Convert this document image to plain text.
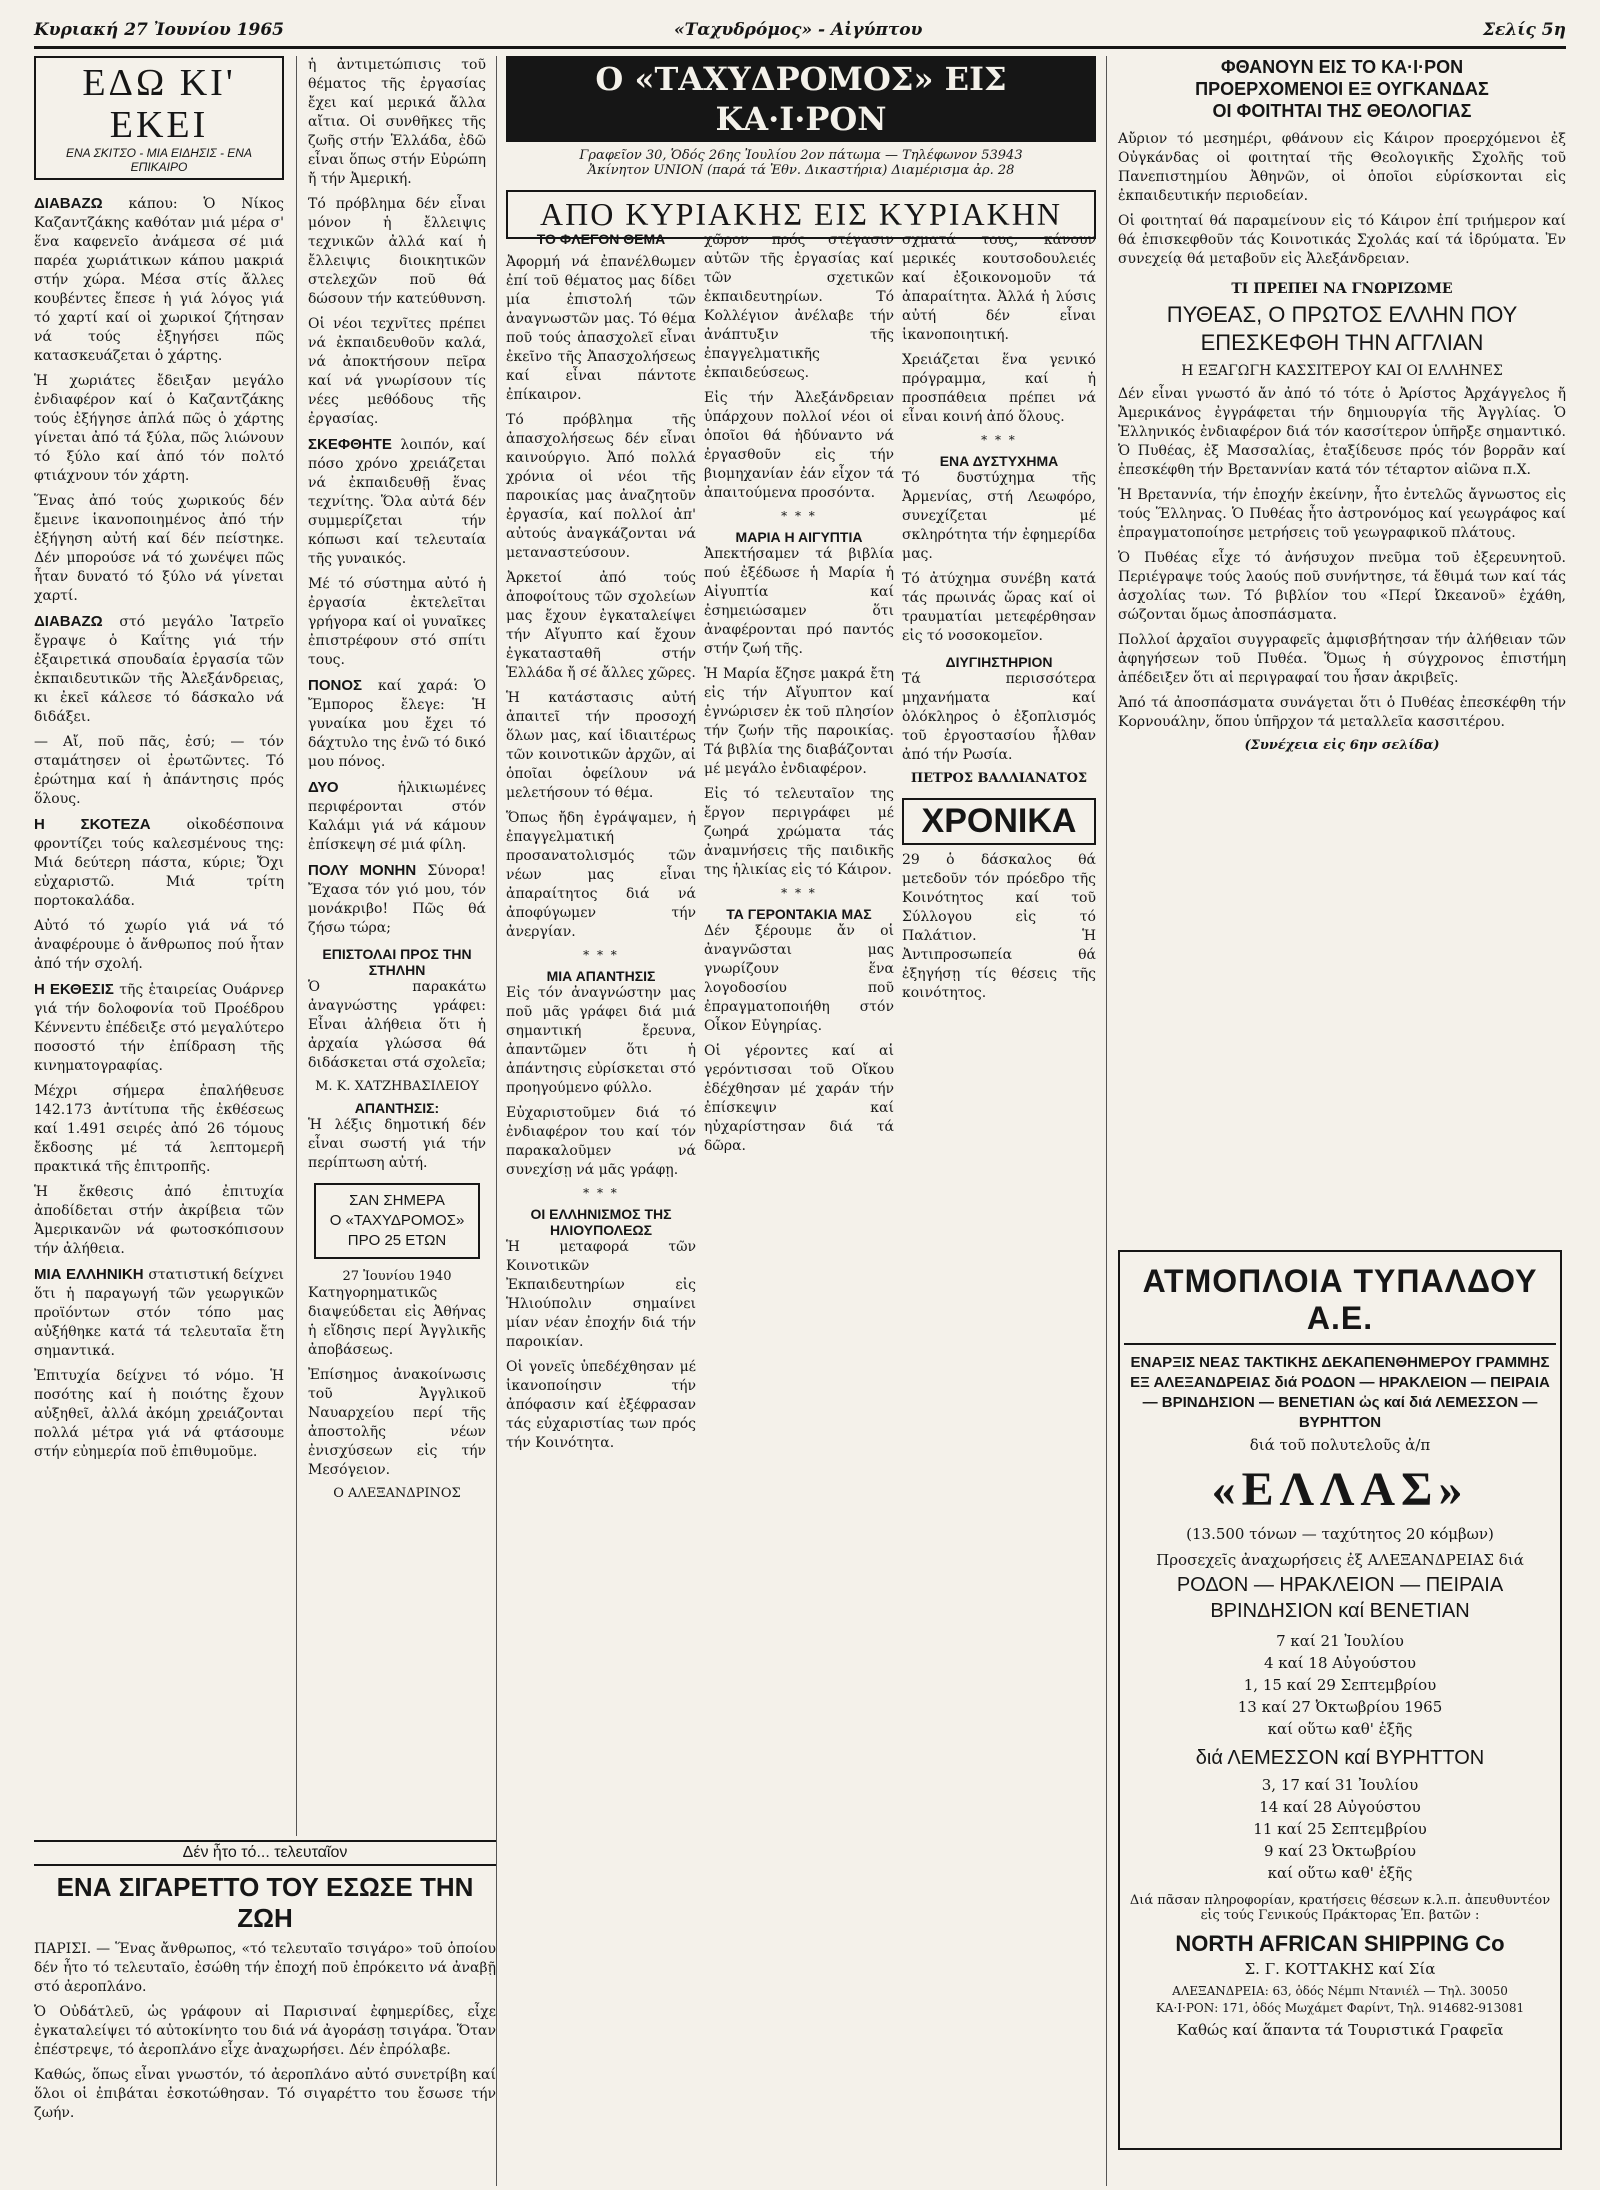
Κυριακή 27 Ἰουνίου 1965	«Ταχυδρόμος» - Αἰγύπτου	Σελίς 5η
ΕΔΩ ΚΙ' ΕΚΕΙ
ΕΝΑ ΣΚΙΤΣΟ - ΜΙΑ ΕΙΔΗΣΙΣ - ΕΝΑ ΕΠΙΚΑΙΡΟ

ΔΙΑΒΑΖΩ κάπου: Ὁ Νίκος Καζαντζάκης καθόταν μιά μέρα σ' ἕνα καφενεῖο ἀνάμεσα σέ μιά παρέα χωριάτικων κάπου μακριά στήν χώρα. Μέσα στίς ἄλλες κουβέντες ἔπεσε ἡ γιά λόγος γιά τό χαρτί καί οἱ χωρικοί ζήτησαν νά τούς ἐξηγήσει πῶς κατασκευάζεται ὁ χάρτης.

Ἡ χωριάτες ἔδειξαν μεγάλο ἐνδιαφέρον καί ὁ Καζαντζάκης τούς ἐξήγησε ἁπλά πῶς ὁ χάρτης γίνεται ἀπό τά ξύλα, πῶς λιώνουν τό ξύλο καί ἀπό τόν πολτό φτιάχνουν τόν χάρτη.

Ἕνας ἀπό τούς χωρικούς δέν ἔμεινε ἱκανοποιημένος ἀπό τήν ἐξήγηση αὐτή καί δέν πείστηκε. Δέν μπορούσε νά τό χωνέψει πῶς ἦταν δυνατό τό ξύλο νά γίνεται χαρτί.

ΔΙΑΒΑΖΩ στό μεγάλο Ἰατρεῖο ἔγραψε ὁ Καΐτης γιά τήν ἐξαιρετικά σπουδαία ἐργασία τῶν ἐκπαιδευτικῶν τῆς Ἀλεξάνδρειας, κι ἐκεῖ κάλεσε τό δάσκαλο νά διδάξει.

— Αἴ, ποῦ πᾶς, ἐσύ; — τόν σταμάτησεν οἱ ἐρωτῶντες. Τό ἐρώτημα καί ἡ ἀπάντησις πρός ὅλους.

Η ΣΚΟΤΕΖΑ	οἰκοδέσποινα φροντίζει τούς καλεσμένους της: Μιά δεύτερη πάστα, κύριε; Ὄχι εὐχαριστῶ. Μιά τρίτη πορτοκαλάδα.

Αὐτό τό χωρίο γιά νά τό ἀναφέρουμε ὁ ἄνθρωπος πού ἦταν ἀπό τήν σχολή.

Η ΕΚΘΕΣΙΣ τῆς ἑταιρείας Ουάρνερ γιά τήν δολοφονία τοῦ Προέδρου Κέννεντυ ἐπέδειξε στό μεγαλύτερο ποσοστό τήν ἐπίδραση τῆς κινηματογραφίας.

Μέχρι σήμερα ἐπαλήθευσε 142.173 ἀντίτυπα τῆς ἐκθέσεως καί 1.491 σειρές ἀπό 26 τόμους ἔκδοσης μέ τά λεπτομερῆ πρακτικά τῆς ἐπιτροπῆς.

Ἡ ἔκθεσις ἀπό ἐπιτυχία ἀποδίδεται στήν ἀκρίβεια τῶν Ἀμερικανῶν νά φωτοσκόπισουν τήν ἀλήθεια.

ΜΙΑ ΕΛΛΗΝΙΚΗ στατιστική δείχνει ὅτι ἡ παραγωγή τῶν γεωργικῶν προϊόντων στόν τόπο μας αὐξήθηκε κατά τά τελευταῖα ἔτη σημαντικά.

Ἐπιτυχία δείχνει τό νόμο. Ἡ ποσότης καί ἡ ποιότης ἔχουν αὐξηθεῖ, ἀλλά ἀκόμη χρειάζονται πολλά μέτρα γιά νά φτάσουμε στήν εὐημερία ποῦ ἐπιθυμοῦμε.

ἡ ἀντιμετώπισις τοῦ θέματος τῆς ἐργασίας ἔχει καί μερικά ἄλλα αἴτια. Οἱ συνθῆκες τῆς ζωῆς στήν Ἑλλάδα, ἐδῶ εἶναι ὅπως στήν Εὐρώπη ἤ τήν Ἀμερική.

Τό πρόβλημα δέν εἶναι μόνον ἡ ἔλλειψις τεχνικῶν ἀλλά καί ἡ ἔλλειψις διοικητικῶν στελεχῶν ποῦ θά δώσουν τήν κατεύθυνση.

Οἱ νέοι τεχνῖτες πρέπει νά ἐκπαιδευθοῦν καλά, νά ἀποκτήσουν πεῖρα καί νά γνωρίσουν τίς νέες μεθόδους τῆς ἐργασίας.

ΣΚΕΦΘΗΤΕ λοιπόν, καί πόσο χρόνο χρειάζεται νά ἐκπαιδευθῇ ἕνας τεχνίτης. Ὅλα αὐτά δέν συμμερίζεται τήν κόπωσι καί τελευταία τῆς γυναικός.

Μέ τό σύστημα αὐτό ἡ ἐργασία ἐκτελεῖται γρήγορα καί οἱ γυναῖκες ἐπιστρέφουν στό σπίτι τους.

ΠΟΝΟΣ καί χαρά: Ὁ Ἔμπορος ἔλεγε: Ἡ γυναίκα μου ἔχει τό δάχτυλο της ἐνῶ τό δικό μου πόνος.

ΔΥΟ	ἡλικιωμένες περιφέρονται στόν Καλάμι γιά νά κάμουν ἐπίσκεψη σέ μιά φίλη.

ΠΟΛΥ ΜΟΝΗΝ Σύνορα! Ἔχασα τόν γιό μου, τόν μονάκριβο! Πῶς θά ζήσω τώρα;

ΕΠΙΣΤΟΛΑΙ ΠΡΟΣ ΤΗΝ ΣΤΗΛΗΝ

Ὁ παρακάτω ἀναγνώστης γράφει: Εἶναι ἀλήθεια ὅτι ἡ ἀρχαία γλώσσα θά διδάσκεται στά σχολεῖα;

Μ. Κ. ΧΑΤΖΗΒΑΣΙΛΕΙΟΥ
ΑΠΑΝΤΗΣΙΣ:

Ἡ λέξις δημοτική δέν εἶναι σωστή γιά τήν περίπτωση αὐτή.

ΣΑΝ ΣΗΜΕΡΑ
Ο «ΤΑΧΥΔΡΟΜΟΣ»
ΠΡΟ 25 ΕΤΩΝ
27 Ἰουνίου 1940

Κατηγορηματικῶς διαψεύδεται εἰς Ἀθήνας ἡ εἴδησις περί Ἀγγλικῆς ἀποβάσεως.

Ἐπίσημος ἀνακοίνωσις τοῦ Ἀγγλικοῦ Ναυαρχείου περί τῆς ἀποστολῆς νέων ἐνισχύσεων εἰς τήν Μεσόγειον.

Ο ΑΛΕΞΑΝΔΡΙΝΟΣ
Ο «ΤΑΧΥΔΡΟΜΟΣ» ΕΙΣ ΚΑ·Ι·ΡΟΝ
Γραφεῖον 30, Ὁδός 26ης Ἰουλίου 2ον πάτωμα — Τηλέφωνον 53943
Ἀκίνητον UNION (παρά τά Ἐθν. Δικαστήρια) Διαμέρισμα ἀρ. 28
ΑΠΟ ΚΥΡΙΑΚΗΣ ΕΙΣ ΚΥΡΙΑΚΗΝ
ΤΟ ΦΛΕΓΟΝ ΘΕΜΑ

Ἀφορμή νά ἐπανέλθωμεν ἐπί τοῦ θέματος μας δίδει μία ἐπιστολή τῶν ἀναγνωστῶν μας. Τό θέμα ποῦ τούς ἀπασχολεῖ εἶναι ἐκεῖνο τῆς Ἀπασχολήσεως καί εἶναι πάντοτε ἐπίκαιρον.

Τό πρόβλημα τῆς ἀπασχολήσεως δέν εἶναι καινούργιο. Ἀπό πολλά χρόνια οἱ νέοι τῆς παροικίας μας ἀναζητοῦν ἐργασία, καί πολλοί ἀπ' αὐτούς ἀναγκάζονται νά μεταναστεύσουν.

Ἀρκετοί ἀπό τούς ἀποφοίτους τῶν σχολείων μας ἔχουν ἐγκαταλείψει τήν Αἴγυπτο καί ἔχουν ἐγκατασταθῆ στήν Ἑλλάδα ἤ σέ ἄλλες χῶρες.

Ἡ κατάστασις αὐτή ἀπαιτεῖ τήν προσοχή ὅλων μας, καί ἰδιαιτέρως τῶν κοινοτικῶν ἀρχῶν, αἱ ὁποῖαι ὀφείλουν νά μελετήσουν τό θέμα.

Ὅπως ἤδη ἐγράψαμεν, ἡ ἐπαγγελματική προσανατολισμός τῶν νέων μας εἶναι ἀπαραίτητος διά νά ἀποφύγωμεν τήν ἀνεργίαν.

* * *
ΜΙΑ ΑΠΑΝΤΗΣΙΣ

Εἰς τόν ἀναγνώστην μας ποῦ μᾶς γράφει διά μιά σημαντική ἔρευνα, ἀπαντῶμεν ὅτι ἡ ἀπάντησις εὐρίσκεται στό προηγούμενο φύλλο.

Εὐχαριστοῦμεν διά τό ἐνδιαφέρον του καί τόν παρακαλοῦμεν νά συνεχίσῃ νά μᾶς γράφῃ.

* * *
ΟΙ ΕΛΛΗΝΙΣΜΟΣ ΤΗΣ ΗΛΙΟΥΠΟΛΕΩΣ

Ἡ μεταφορά τῶν Κοινοτικῶν Ἐκπαιδευτηρίων εἰς Ἡλιούπολιν σημαίνει μίαν νέαν ἐποχήν διά τήν παροικίαν.

Οἱ γονεῖς ὑπεδέχθησαν μέ ἱκανοποίησιν τήν ἀπόφασιν καί ἐξέφρασαν τάς εὐχαριστίας των πρός τήν Κοινότητα.

χῶρον πρός στέγασιν αὐτῶν τῆς ἐργασίας καί τῶν σχετικῶν ἐκπαιδευτηρίων. Τό Κολλέγιον ἀνέλαβε τήν ἀνάπτυξιν τῆς ἐπαγγελματικῆς ἐκπαιδεύσεως.

Εἰς τήν Ἀλεξάνδρειαν ὑπάρχουν πολλοί νέοι οἱ ὁποῖοι θά ἠδύναντο νά ἐργασθοῦν εἰς τήν βιομηχανίαν ἐάν εἶχον τά ἀπαιτούμενα προσόντα.

* * *
ΜΑΡΙΑ Η ΑΙΓΥΠΤΙΑ

Ἀπεκτήσαμεν τά βιβλία πού ἐξέδωσε ἡ Μαρία ἡ Αἰγυπτία καί ἐσημειώσαμεν ὅτι ἀναφέρονται πρό παντός στήν ζωή τῆς.

Ἡ Μαρία ἔζησε μακρά ἔτη εἰς τήν Αἴγυπτον καί ἐγνώρισεν ἐκ τοῦ πλησίον τήν ζωήν τῆς παροικίας. Τά βιβλία της διαβάζονται μέ μεγάλο ἐνδιαφέρον.

Εἰς τό τελευταῖον της ἔργον περιγράφει μέ ζωηρά χρώματα τάς ἀναμνήσεις τῆς παιδικῆς της ἡλικίας εἰς τό Κάιρον.

* * *
ΤΑ ΓΕΡΟΝΤΑΚΙΑ ΜΑΣ

Δέν ξέρουμε ἄν οἱ ἀναγνῶσται μας γνωρίζουν ἕνα λογοδοσίου ποῦ ἐπραγματοποιήθη στόν Οἶκον Εὐγηρίας.

Οἱ γέροντες καί αἱ γερόντισσαι τοῦ Οἴκου ἐδέχθησαν μέ χαράν τήν ἐπίσκεψιν καί ηὐχαρίστησαν διά τά δῶρα.

σχματά τους, κάνουν μερικές κουτσοδουλειές καί ἐξοικονομοῦν τά ἀπαραίτητα. Ἀλλά ἡ λύσις αὐτή δέν εἶναι ἱκανοποιητική.

Χρειάζεται ἕνα γενικό πρόγραμμα, καί ἡ προσπάθεια πρέπει νά εἶναι κοινή ἀπό ὅλους.

* * *
ΕΝΑ ΔΥΣΤΥΧΗΜΑ

Τό δυστύχημα τῆς Ἀρμενίας, στή Λεωφόρο, συνεχίζεται μέ σκληρότητα τήν ἐφημερίδα μας.

Τό ἀτύχημα συνέβη κατά τάς πρωινάς ὥρας καί οἱ τραυματίαι μετεφέρθησαν εἰς τό νοσοκομεῖον.

ΔΙΥΓΙΗΣΤΗΡΙΟΝ

Τά περισσότερα μηχανήματα καί ὁλόκληρος ὁ ἐξοπλισμός τοῦ ἐργοστασίου ἦλθαν ἀπό τήν Ρωσία.

ΠΕΤΡΟΣ ΒΑΛΛΙΑΝΑΤΟΣ
ΧΡΟΝΙΚΑ

29 ὁ δάσκαλος θά μετεδοῦν τόν πρόεδρο τῆς Κοινότητος καί τοῦ Σύλλογου εἰς τό Παλάτιον. Ἡ Ἀντιπροσωπεία θά ἐξηγήσῃ τίς θέσεις τῆς κοινότητος.

ΦΘΑΝΟΥΝ ΕΙΣ ΤΟ ΚΑ·Ι·ΡΟΝ
ΠΡΟΕΡΧΟΜΕΝΟΙ ΕΞ ΟΥΓΚΑΝΔΑΣ
ΟΙ ΦΟΙΤΗΤΑΙ ΤΗΣ ΘΕΟΛΟΓΙΑΣ

Αὔριον τό μεσημέρι, φθάνουν εἰς Κάιρον προερχόμενοι ἐξ Οὐγκάνδας οἱ φοιτηταί τῆς Θεολογικῆς Σχολῆς τοῦ Πανεπιστημίου Ἀθηνῶν, οἱ ὁποῖοι εὑρίσκονται εἰς ἐκπαιδευτικήν περιοδείαν.

Οἱ φοιτηταί θά παραμείνουν εἰς τό Κάιρον ἐπί τριήμερον καί θά ἐπισκεφθοῦν τάς Κοινοτικάς Σχολάς καί τά ἱδρύματα. Ἐν συνεχείᾳ θά μεταβοῦν εἰς Ἀλεξάνδρειαν.

ΤΙ ΠΡΕΠΕΙ ΝΑ ΓΝΩΡΙΖΩΜΕ
ΠΥΘΕΑΣ, Ο ΠΡΩΤΟΣ ΕΛΛΗΝ ΠΟΥ ΕΠΕΣΚΕΦΘΗ ΤΗΝ ΑΓΓΛΙΑΝ
Η ΕΞΑΓΩΓΗ ΚΑΣΣΙΤΕΡΟΥ ΚΑΙ ΟΙ ΕΛΛΗΝΕΣ

Δέν εἶναι γνωστό ἄν ἀπό τό τότε ὁ Ἀρίστος Ἀρχάγγελος ἤ Ἀμερικάνος ἐγγράφεται τήν δημιουργία τῆς Ἀγγλίας. Ὁ Ἐλληνικός ἐνδιαφέρον διά τόν κασσίτερον ὑπῆρξε σημαντικό. Ὁ Πυθέας, ἐξ Μασσαλίας, ἐταξίδευσε πρός τόν βορρᾶν καί ἐπεσκέφθη τήν Βρεταννίαν κατά τόν τέταρτον αἰῶνα π.Χ.

Ἡ Βρεταννία, τήν ἐποχήν ἐκείνην, ἦτο ἐντελῶς ἄγνωστος εἰς τούς Ἕλληνας. Ὁ Πυθέας ἦτο ἀστρονόμος καί γεωγράφος καί ἐπραγματοποίησε μετρήσεις τοῦ γεωγραφικοῦ πλάτους.

Ὁ Πυθέας εἶχε τό ἀνήσυχον πνεῦμα τοῦ ἐξερευνητοῦ. Περιέγραψε τούς λαούς ποῦ συνήντησε, τά ἔθιμά των καί τάς ἀσχολίας των. Τό βιβλίον του «Περί Ὠκεανοῦ» ἐχάθη, σώζονται ὅμως ἀποσπάσματα.

Πολλοί ἀρχαῖοι συγγραφεῖς ἀμφισβήτησαν τήν ἀλήθειαν τῶν ἀφηγήσεων τοῦ Πυθέα. Ὅμως ἡ σύγχρονος ἐπιστήμη ἀπέδειξεν ὅτι αἱ περιγραφαί του ἦσαν ἀκριβεῖς.

Ἀπό τά ἀποσπάσματα συνάγεται ὅτι ὁ Πυθέας ἐπεσκέφθη τήν Κορνουάλην, ὅπου ὑπῆρχον τά μεταλλεῖα κασσιτέρου.

(Συνέχεια εἰς 6ην σελίδα)
Δέν ἦτο τό... τελευταῖον
ΕΝΑ ΣΙΓΑΡΕΤΤΟ ΤΟΥ ΕΣΩΣΕ ΤΗΝ ΖΩΗ

ΠΑΡΙΣΙ. — Ἕνας ἄνθρωπος, «τό τελευταῖο τσιγάρο» τοῦ ὁποίου δέν ἦτο τό τελευταῖο, ἐσώθη τήν ἐποχή ποῦ ἐπρόκειτο νά ἀναβῇ στό ἀεροπλάνο.

Ὁ Οὐδάτλεῦ, ὡς γράφουν αἱ Παρισιναί ἐφημερίδες, εἶχε ἐγκαταλείψει τό αὐτοκίνητο του διά νά ἀγοράσῃ τσιγάρα. Ὅταν ἐπέστρεψε, τό ἀεροπλάνο εἶχε ἀναχωρήσει. Δέν ἐπρόλαβε.

Καθώς, ὅπως εἶναι γνωστόν, τό ἀεροπλάνο αὐτό συνετρίβη καί ὅλοι οἱ ἐπιβάται ἐσκοτώθησαν. Τό σιγαρέττο του ἔσωσε τήν ζωήν.

ΑΤΜΟΠΛΟΙΑ ΤΥΠΑΛΔΟΥ Α.Ε.
ΕΝΑΡΞΙΣ ΝΕΑΣ ΤΑΚΤΙΚΗΣ ΔΕΚΑΠΕΝΘΗΜΕΡΟΥ ΓΡΑΜΜΗΣ ΕΞ ΑΛΕΞΑΝΔΡΕΙΑΣ διά ΡΟΔΟΝ — ΗΡΑΚΛΕΙΟΝ — ΠΕΙΡΑΙΑ — ΒΡΙΝΔΗΣΙΟΝ — ΒΕΝΕΤΙΑΝ ὡς καί διά ΛΕΜΕΣΣΟΝ — ΒΥΡΗΤΤΟΝ
διά τοῦ πολυτελοῦς ἀ/π
«ΕΛΛΑΣ»
(13.500 τόνων — ταχύτητος 20 κόμβων)
Προσεχεῖς ἀναχωρήσεις ἐξ ΑΛΕΞΑΝΔΡΕΙΑΣ διά
ΡΟΔΟΝ — ΗΡΑΚΛΕΙΟΝ — ΠΕΙΡΑΙΑ ΒΡΙΝΔΗΣΙΟΝ καί ΒΕΝΕΤΙΑΝ
7 καί 21 Ἰουλίου
4 καί 18 Αὐγούστου
1, 15 καί 29 Σεπτεμβρίου
13 καί 27 Ὀκτωβρίου 1965
καί οὕτω καθ' ἑξῆς
διά ΛΕΜΕΣΣΟΝ καί ΒΥΡΗΤΤΟΝ
3, 17 καί 31 Ἰουλίου
14 καί 28 Αὐγούστου
11 καί 25 Σεπτεμβρίου
9 καί 23 Ὀκτωβρίου
καί οὕτω καθ' ἑξῆς
Διά πᾶσαν πληροφορίαν, κρατήσεις θέσεων κ.λ.π. ἀπευθυντέον εἰς τούς Γενικούς Πράκτορας Ἐπ. βατῶν :
NORTH AFRICAN SHIPPING Co
Σ. Γ. ΚΟΤΤΑΚΗΣ καί Σία
ΑΛΕΞΑΝΔΡΕΙΑ: 63, ὁδός Νέμπι Ντανιέλ — Τηλ. 30050
ΚΑ·Ι·ΡΟΝ: 171, ὁδός Μωχάμετ Φαρίντ, Τηλ. 914682-913081
Καθώς καί ἅπαντα τά Τουριστικά Γραφεῖα
